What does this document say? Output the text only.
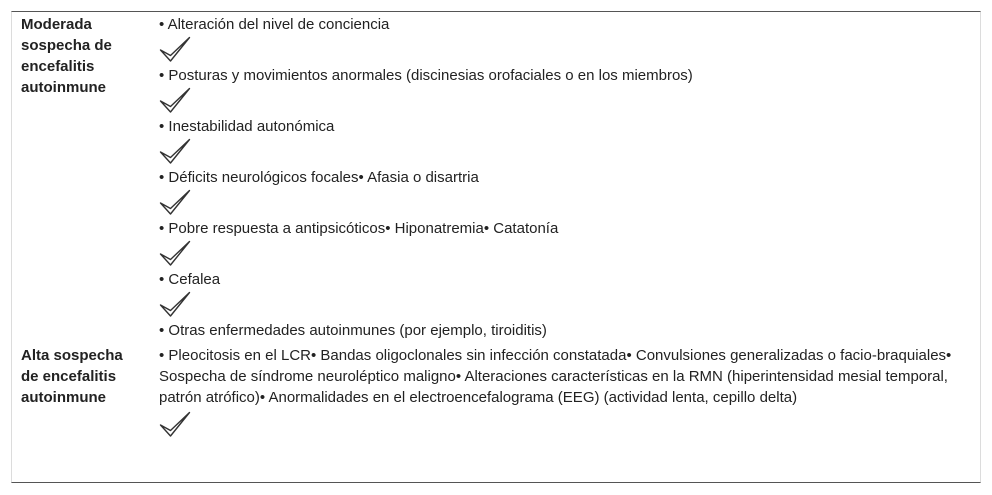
Moderada sospecha de encefalitis autoinmune
• Alteración del nivel de conciencia
• Posturas y movimientos anormales (discinesias orofaciales o en los miembros)
• Inestabilidad autonómica
• Déficits neurológicos focales• Afasia o disartria
• Pobre respuesta a antipsicóticos• Hiponatremia• Catatonía
• Cefalea
• Otras enfermedades autoinmunes (por ejemplo, tiroiditis)
Alta sospecha de encefalitis autoinmune
• Pleocitosis en el LCR• Bandas oligoclonales sin infección constatada• Convulsiones generalizadas o facio-braquiales• Sospecha de síndrome neuroléptico maligno• Alteraciones características en la RMN (hiperintensidad mesial temporal, patrón atrófico)• Anormalidades en el electroencefalograma (EEG) (actividad lenta, cepillo delta)
